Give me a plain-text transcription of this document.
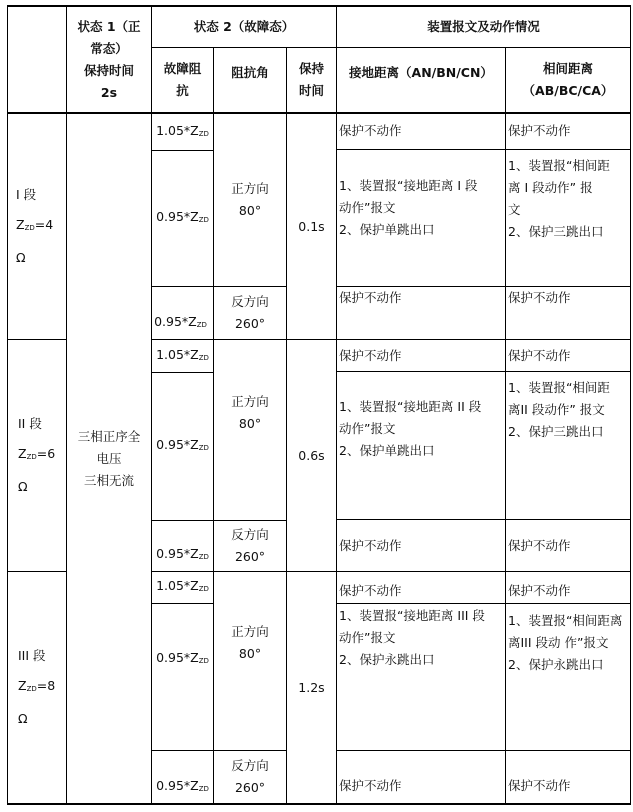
状态 1（正
常态）
保持时间
2s
状态 2（故障态）	装置报文及动作情况
故障阻
抗
阻抗角 保持
时间
接地距离（AN/BN/CN）	相间距离
（AB/BC/CA）
三相正序全
电压
三相无流
I 段
ZZD=4
Ω
1.05*ZZD
0.95*ZZD
0.95*ZZD
正方向
80°
反方向
260°
0.1s
保护不动作
1、装置报“接地距离 I 段
动作”报文
2、保护单跳出口
保护不动作
保护不动作
1、装置报“相间距
离 I 段动作” 报
文
2、保护三跳出口
保护不动作
II 段
ZZD=6
Ω
1.05*ZZD
0.95*ZZD
0.95*ZZD
正方向
80°
反方向
260°
0.6s
保护不动作
1、装置报“接地距离 II 段
动作”报文
2、保护单跳出口
保护不动作
保护不动作
1、装置报“相间距
离II 段动作” 报文
2、保护三跳出口
保护不动作
III 段
ZZD=8
Ω
1.05*ZZD
0.95*ZZD
0.95*ZZD
正方向
80°
反方向
260°
1.2s
保护不动作
1、装置报“接地距离 III 段
动作”报文
2、保护永跳出口
保护不动作
保护不动作
1、装置报“相间距离
离III 段动 作”报文
2、保护永跳出口
保护不动作
